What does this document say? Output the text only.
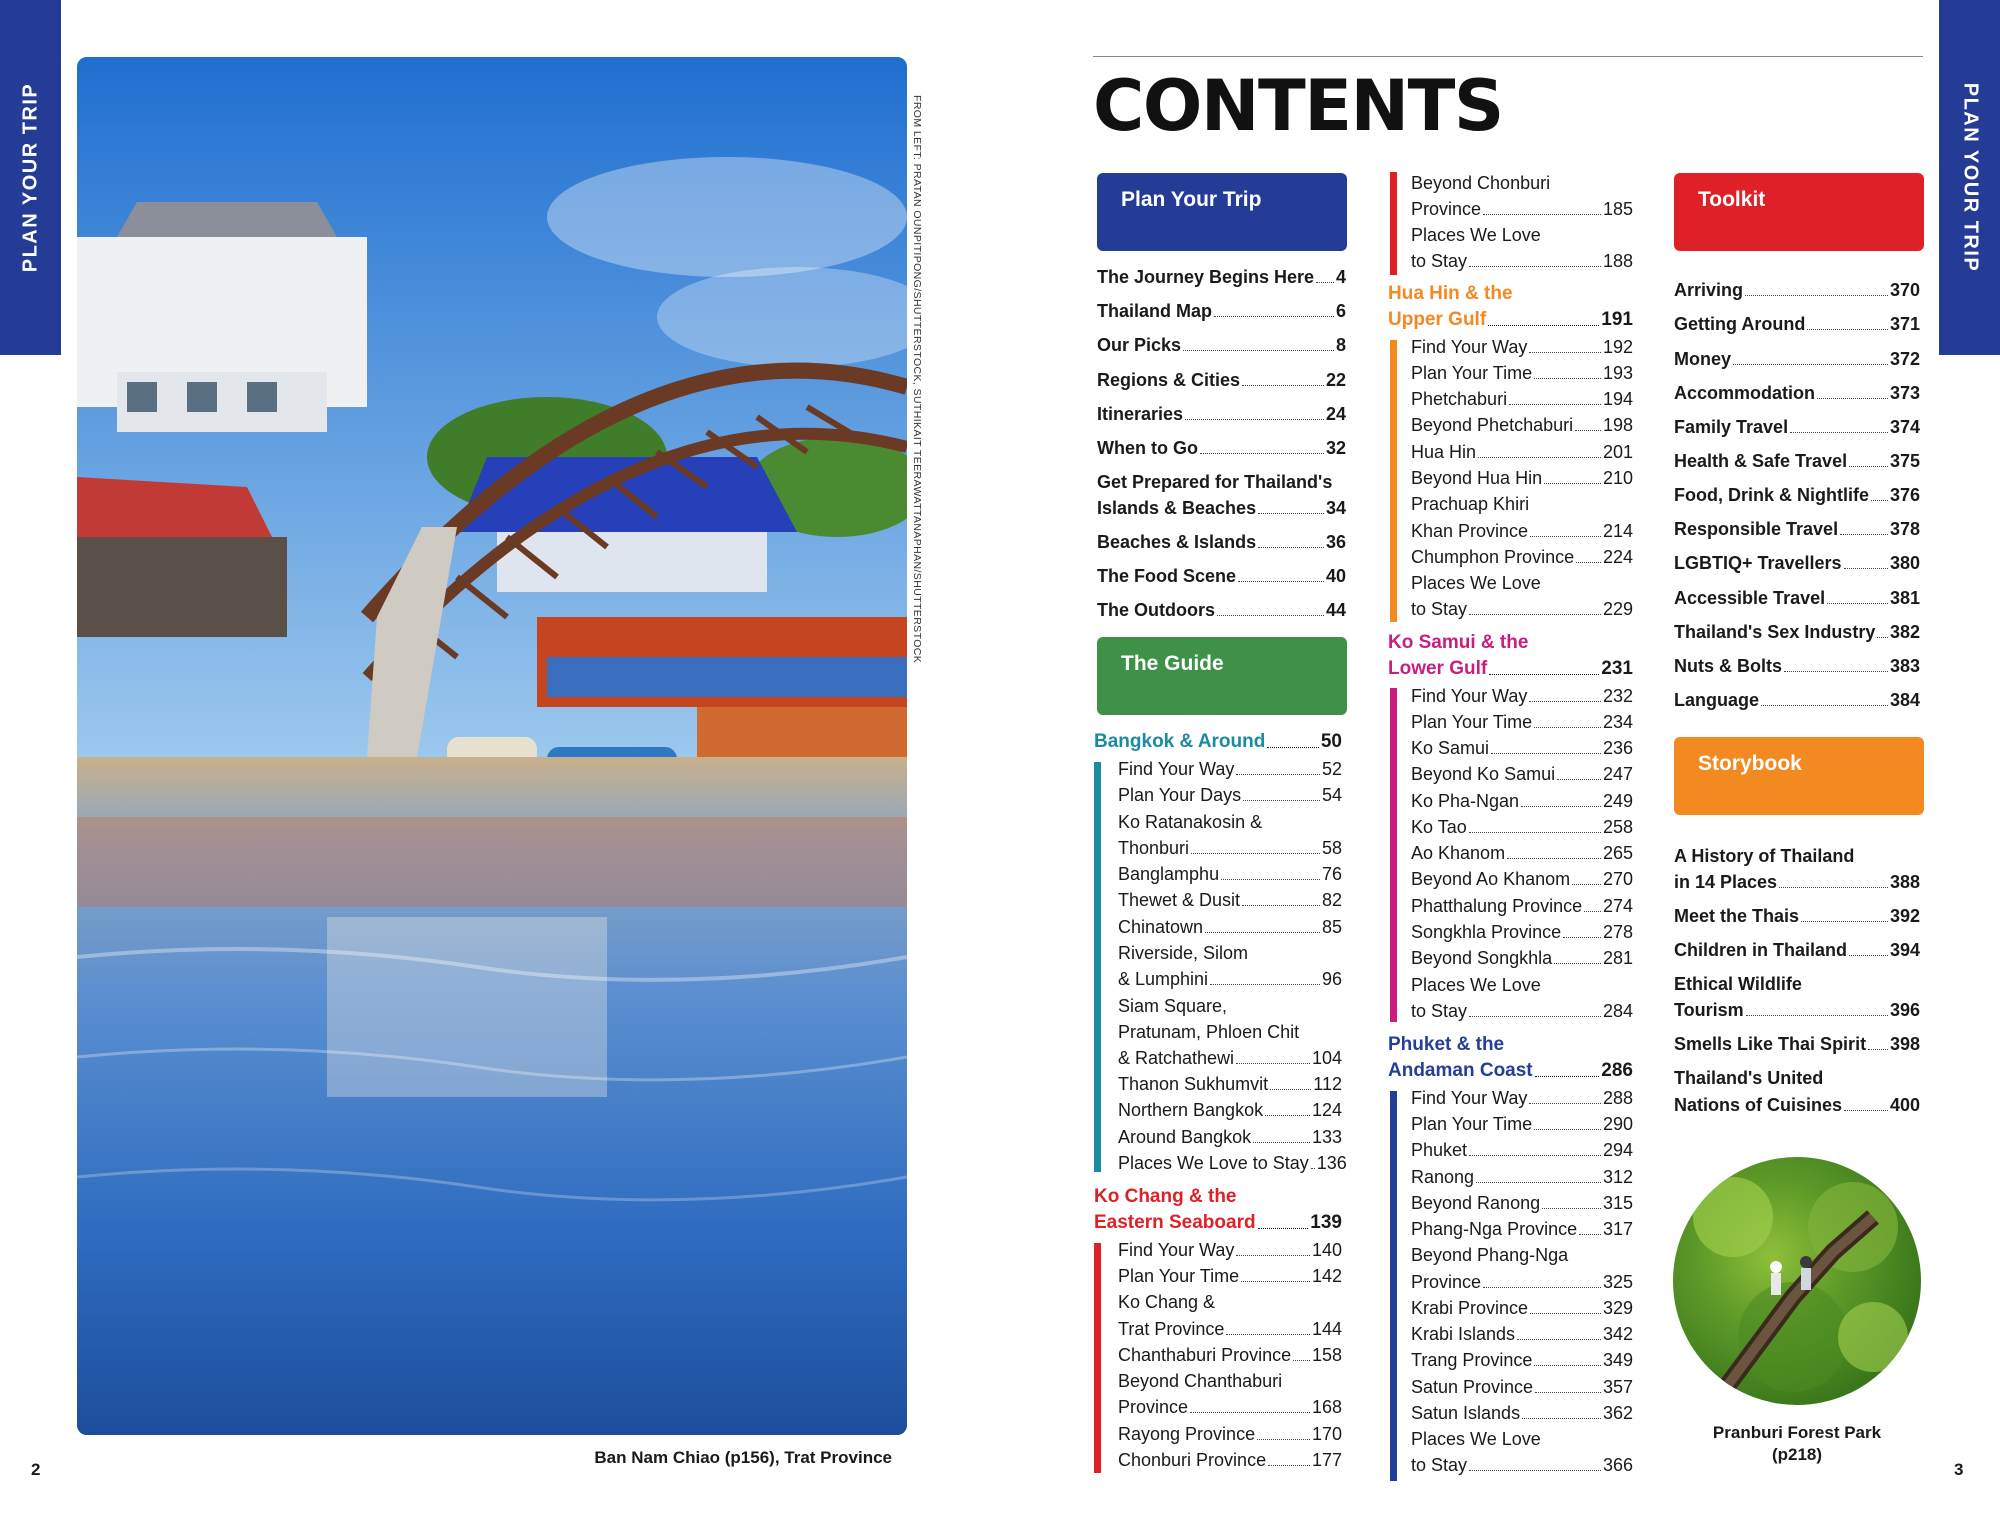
PLAN YOUR TRIP	PLAN YOUR TRIP
FROM LEFT: PRATAN OUNPITIPONG/SHUTTERSTOCK, SUTHIKAIT TEERAWATTANAPHAN/SHUTTERSTOCK
Ban Nam Chiao (p156), Trat Province
2	3
CONTENTS
Plan Your Trip
The Journey Begins Here 4
Thailand Map	6
Our Picks	8
Regions & Cities	22
Itineraries	24
When to Go	32
Get Prepared for Thailand's
Islands & Beaches	34
Beaches & Islands	36
The Food Scene	40
The Outdoors	44
The Guide
Bangkok & Around	50
Find Your Way	52
Plan Your Days	54
Ko Ratanakosin &
Thonburi	58
Banglamphu	76
Thewet & Dusit	82
Chinatown	85
Riverside, Silom
& Lumphini	96
Siam Square,
Pratunam, Phloen Chit
& Ratchathewi	104
Thanon Sukhumvit	112
Northern Bangkok	124
Around Bangkok	133
Places We Love to Stay 136
Ko Chang & the
Eastern Seaboard	139
Find Your Way	140
Plan Your Time	142
Ko Chang &
Trat Province	144
Chanthaburi Province 158
Beyond Chanthaburi
Province	168
Rayong Province	170
Chonburi Province	177
Beyond Chonburi
Province	185
Places We Love
to Stay	188
Hua Hin & the
Upper Gulf	191
Find Your Way	192
Plan Your Time	193
Phetchaburi	194
Beyond Phetchaburi 198
Hua Hin	201
Beyond Hua Hin	210
Prachuap Khiri
Khan Province	214
Chumphon Province 224
Places We Love
to Stay	229
Ko Samui & the
Lower Gulf	231
Find Your Way	232
Plan Your Time	234
Ko Samui	236
Beyond Ko Samui	247
Ko Pha-Ngan	249
Ko Tao	258
Ao Khanom	265
Beyond Ao Khanom 270
Phatthalung Province 274
Songkhla Province 278
Beyond Songkhla	281
Places We Love
to Stay	284
Phuket & the
Andaman Coast	286
Find Your Way	288
Plan Your Time	290
Phuket	294
Ranong	312
Beyond Ranong	315
Phang-Nga Province 317
Beyond Phang-Nga
Province	325
Krabi Province	329
Krabi Islands	342
Trang Province	349
Satun Province	357
Satun Islands	362
Places We Love
to Stay	366
Toolkit
Arriving	370
Getting Around	371
Money	372
Accommodation	373
Family Travel	374
Health & Safe Travel 375
Food, Drink & Nightlife 376
Responsible Travel	378
LGBTIQ+ Travellers	380
Accessible Travel	381
Thailand's Sex Industry 382
Nuts & Bolts	383
Language	384
Storybook
A History of Thailand
in 14 Places	388
Meet the Thais	392
Children in Thailand 394
Ethical Wildlife
Tourism	396
Smells Like Thai Spirit 398
Thailand's United
Nations of Cuisines	400
Pranburi Forest Park
(p218)
